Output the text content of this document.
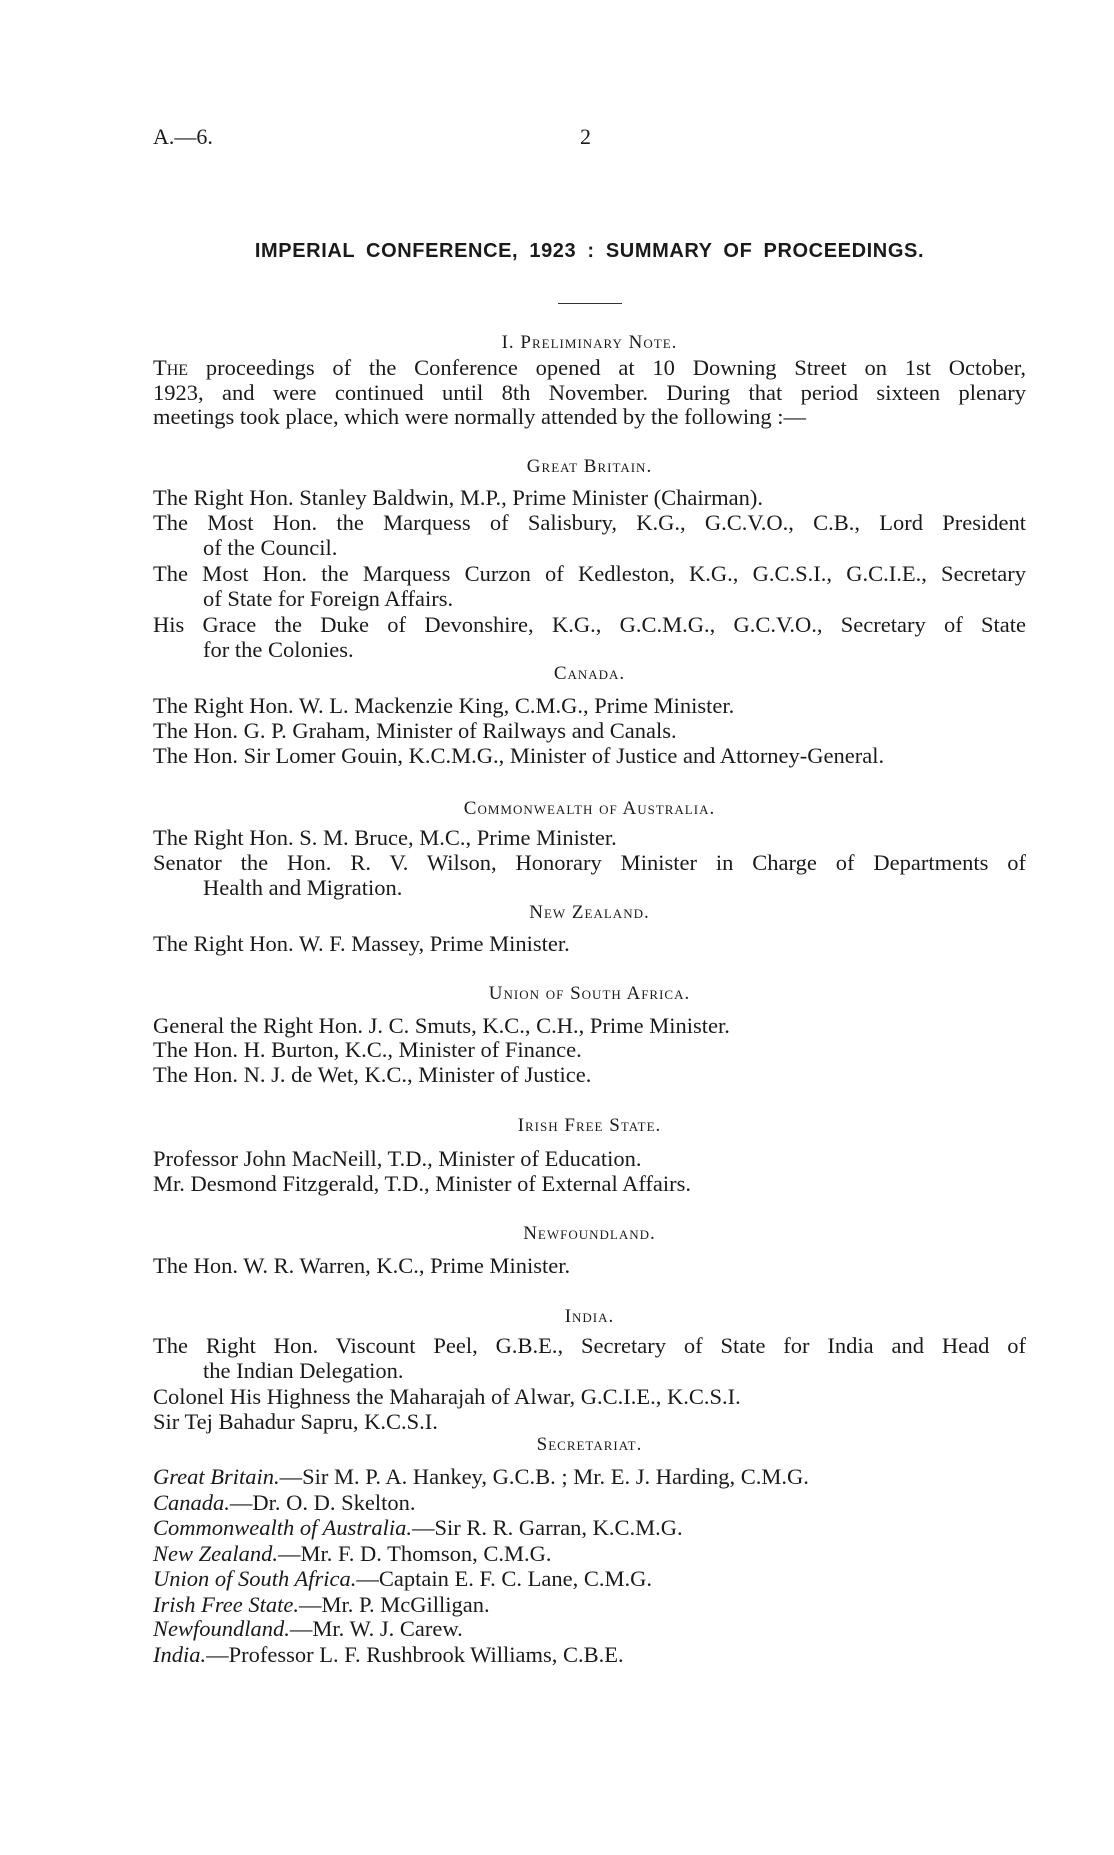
A.—6.	2
IMPERIAL CONFERENCE, 1923 : SUMMARY OF PROCEEDINGS.
I. Preliminary Note.
The proceedings of the Conference opened at 10 Downing Street on 1st October,
1923, and were continued until 8th November. During that period sixteen plenary
meetings took place, which were normally attended by the following :—
Great Britain.
The Right Hon. Stanley Baldwin, M.P., Prime Minister (Chairman).
The Most Hon. the Marquess of Salisbury, K.G., G.C.V.O., C.B., Lord President
of the Council.
The Most Hon. the Marquess Curzon of Kedleston, K.G., G.C.S.I., G.C.I.E., Secretary
of State for Foreign Affairs.
His Grace the Duke of Devonshire, K.G., G.C.M.G., G.C.V.O., Secretary of State
for the Colonies.
Canada.
The Right Hon. W. L. Mackenzie King, C.M.G., Prime Minister.
The Hon. G. P. Graham, Minister of Railways and Canals.
The Hon. Sir Lomer Gouin, K.C.M.G., Minister of Justice and Attorney-General.
Commonwealth of Australia.
The Right Hon. S. M. Bruce, M.C., Prime Minister.
Senator the Hon. R. V. Wilson, Honorary Minister in Charge of Departments of
Health and Migration.
New Zealand.
The Right Hon. W. F. Massey, Prime Minister.
Union of South Africa.
General the Right Hon. J. C. Smuts, K.C., C.H., Prime Minister.
The Hon. H. Burton, K.C., Minister of Finance.
The Hon. N. J. de Wet, K.C., Minister of Justice.
Irish Free State.
Professor John MacNeill, T.D., Minister of Education.
Mr. Desmond Fitzgerald, T.D., Minister of External Affairs.
Newfoundland.
The Hon. W. R. Warren, K.C., Prime Minister.
India.
The Right Hon. Viscount Peel, G.B.E., Secretary of State for India and Head of
the Indian Delegation.
Colonel His Highness the Maharajah of Alwar, G.C.I.E., K.C.S.I.
Sir Tej Bahadur Sapru, K.C.S.I.
Secretariat.
Great Britain.—Sir M. P. A. Hankey, G.C.B. ; Mr. E. J. Harding, C.M.G.
Canada.—Dr. O. D. Skelton.
Commonwealth of Australia.—Sir R. R. Garran, K.C.M.G.
New Zealand.—Mr. F. D. Thomson, C.M.G.
Union of South Africa.—Captain E. F. C. Lane, C.M.G.
Irish Free State.—Mr. P. McGilligan.
Newfoundland.—Mr. W. J. Carew.
India.—Professor L. F. Rushbrook Williams, C.B.E.
